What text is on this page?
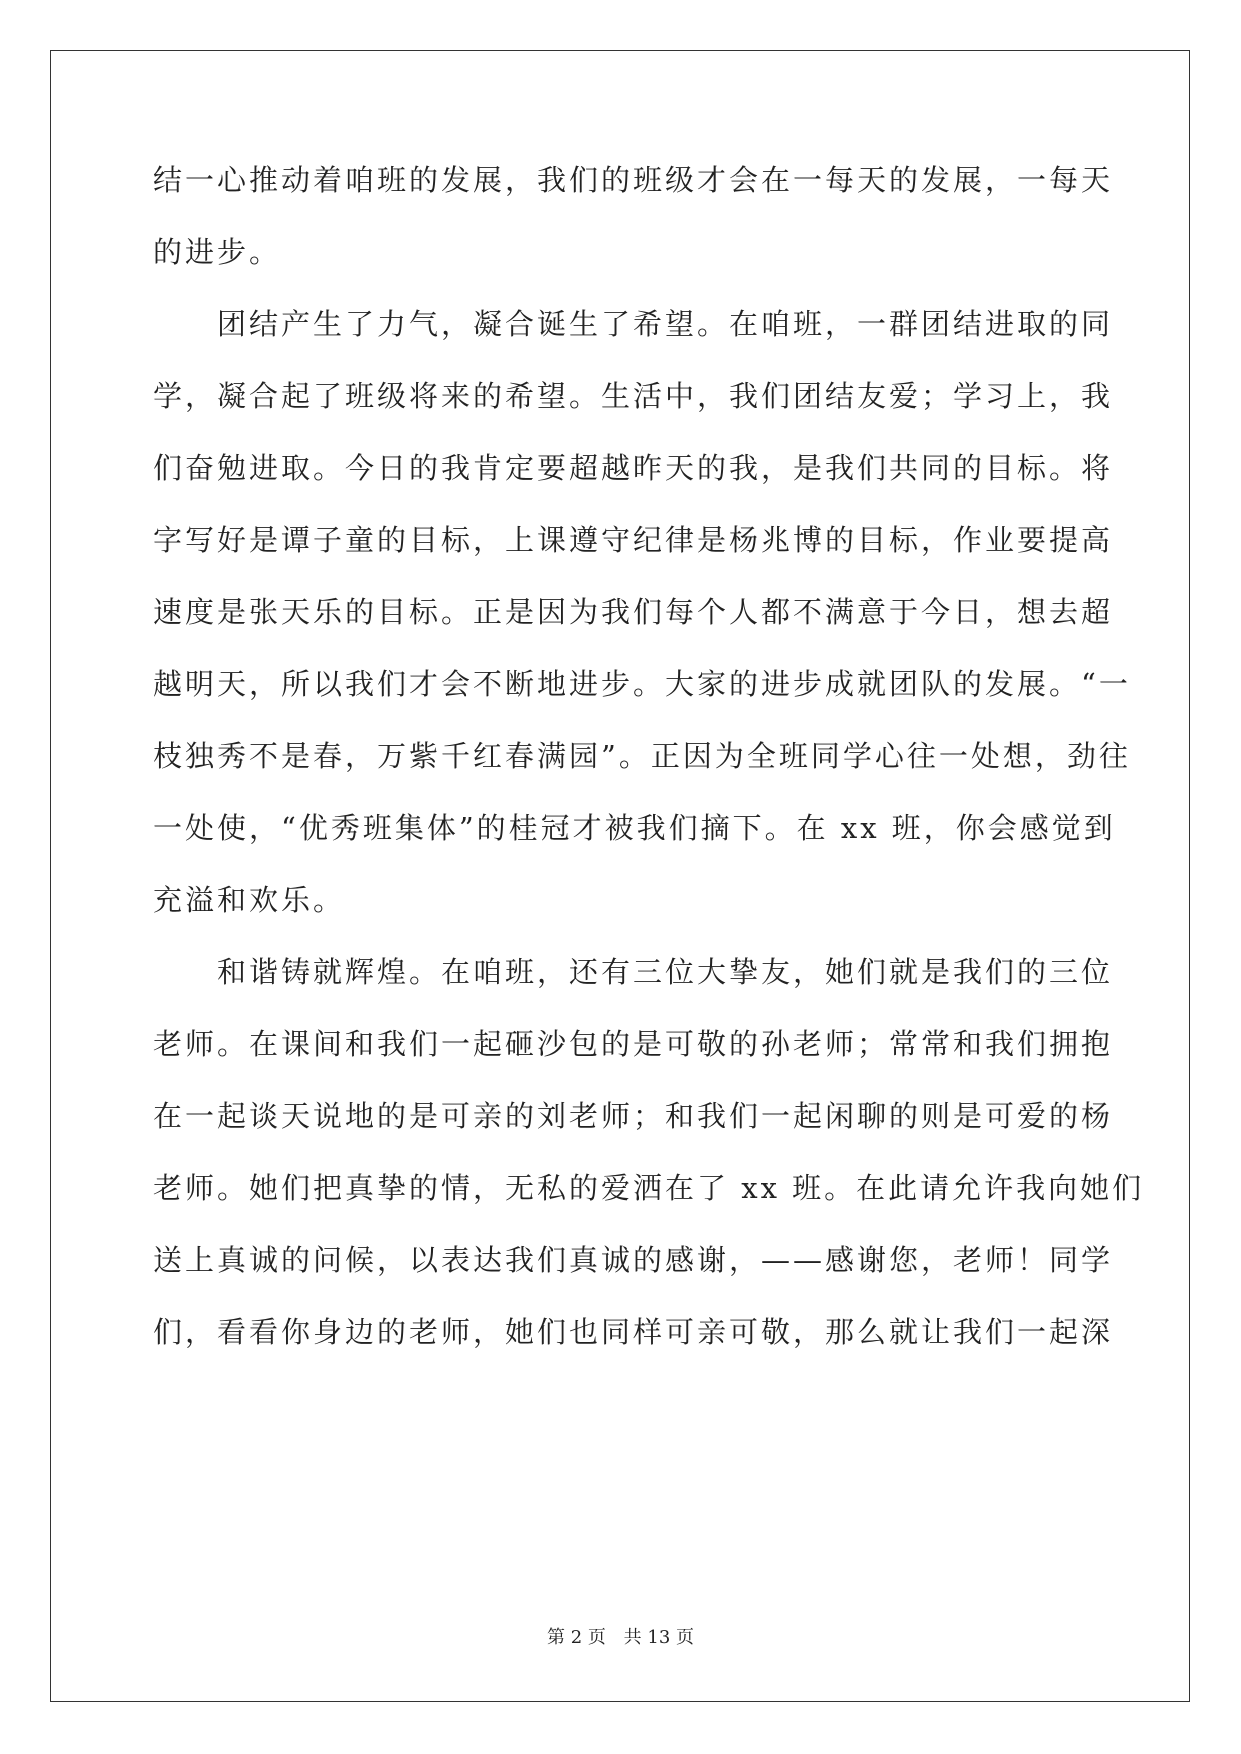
结一心推动着咱班的发展，我们的班级才会在一每天的发展，一每天
的进步。
团结产生了力气，凝合诞生了希望。在咱班，一群团结进取的同
学，凝合起了班级将来的希望。生活中，我们团结友爱；学习上，我
们奋勉进取。今日的我肯定要超越昨天的我，是我们共同的目标。将
字写好是谭子童的目标，上课遵守纪律是杨兆博的目标，作业要提高
速度是张天乐的目标。正是因为我们每个人都不满意于今日，想去超
越明天，所以我们才会不断地进步。大家的进步成就团队的发展。“一
枝独秀不是春，万紫千红春满园”。正因为全班同学心往一处想，劲往
一处使，“优秀班集体”的桂冠才被我们摘下。在 xx 班，你会感觉到
充溢和欢乐。
和谐铸就辉煌。在咱班，还有三位大挚友，她们就是我们的三位
老师。在课间和我们一起砸沙包的是可敬的孙老师；常常和我们拥抱
在一起谈天说地的是可亲的刘老师；和我们一起闲聊的则是可爱的杨
老师。她们把真挚的情，无私的爱洒在了 xx 班。在此请允许我向她们
送上真诚的问候，以表达我们真诚的感谢，——感谢您，老师！同学
们，看看你身边的老师，她们也同样可亲可敬，那么就让我们一起深
第 2 页 共 13 页
